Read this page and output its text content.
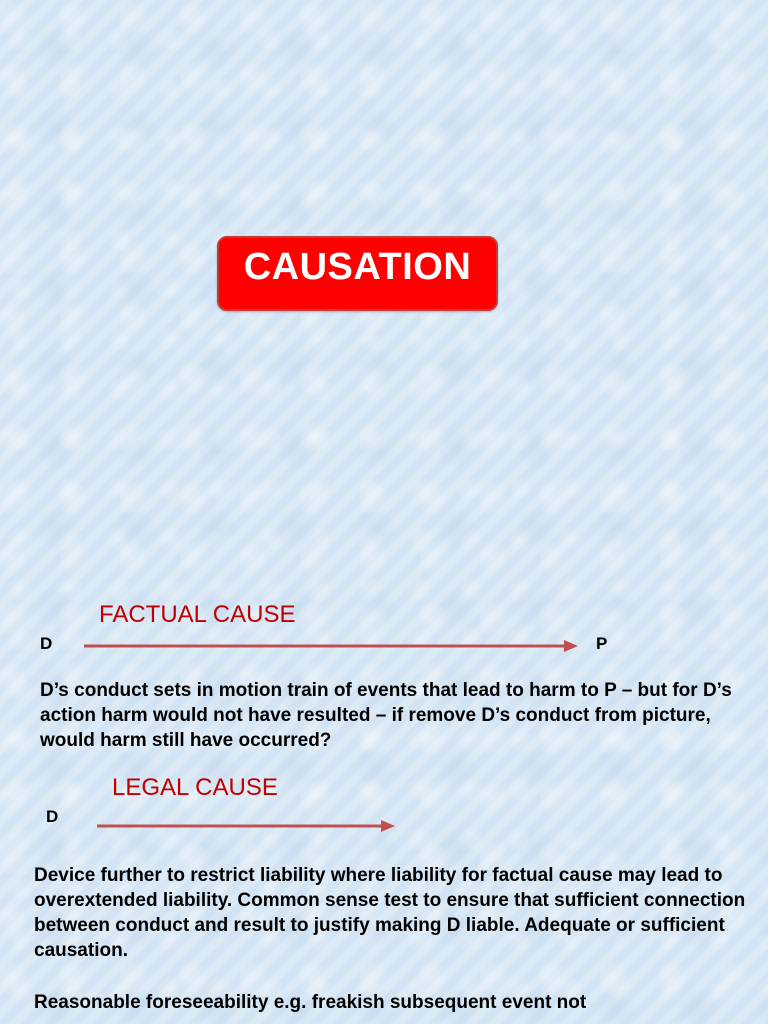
CAUSATION
FACTUAL CAUSE
D	P
D’s conduct sets in motion train of events that lead to harm to P – but for D’s action harm would not have resulted – if remove D’s conduct from picture, would harm still have occurred?
LEGAL CAUSE
D
Device further to restrict liability where liability for factual cause may lead to overextended liability. Common sense test to ensure that sufficient connection between conduct and result to justify making D liable. Adequate or sufficient causation.
Reasonable foreseeability e.g. freakish subsequent event not
